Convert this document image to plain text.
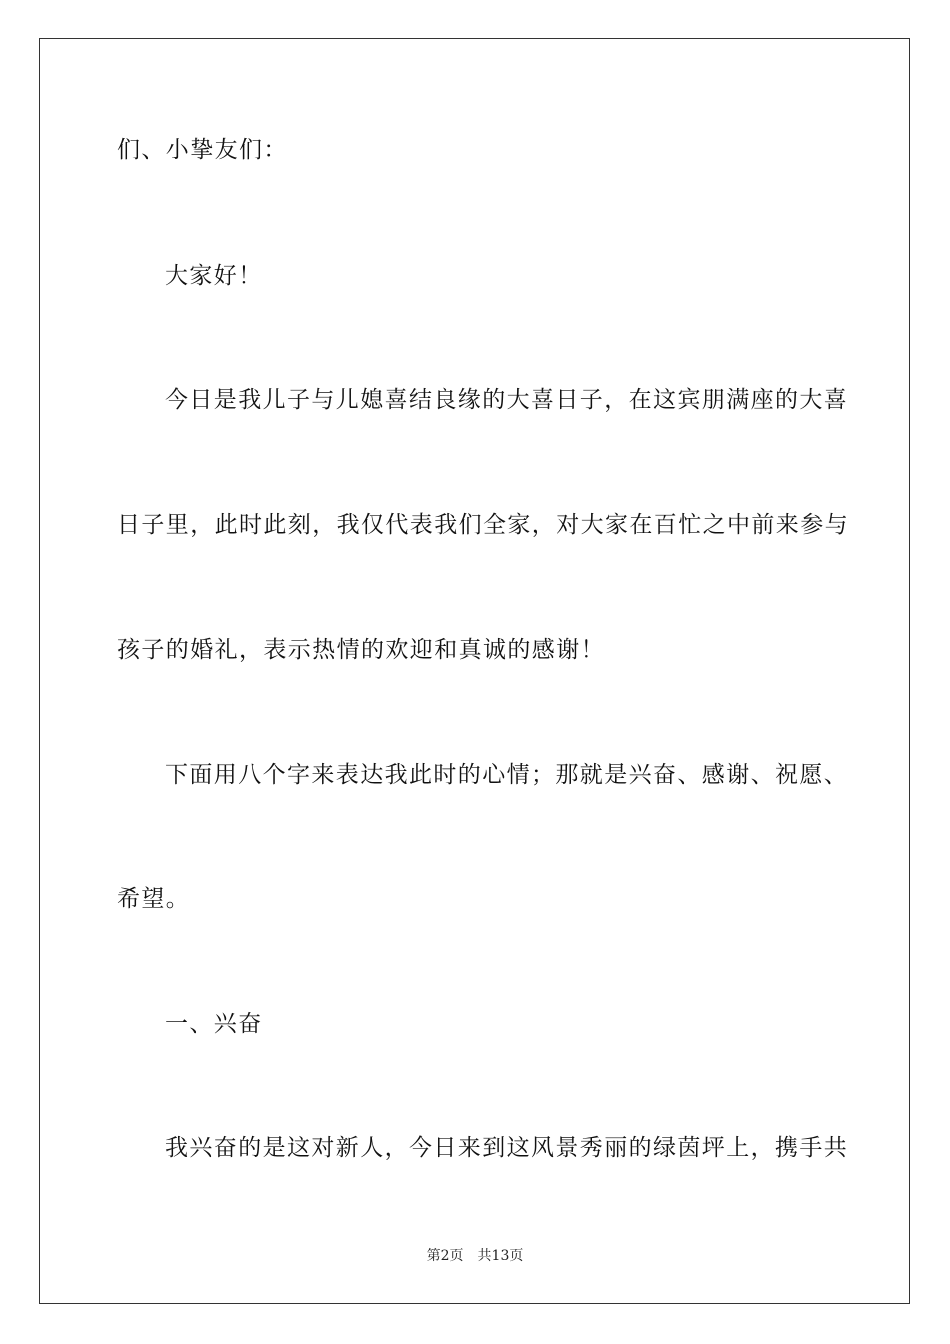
们、小挚友们：

大家好！

今日是我儿子与儿媳喜结良缘的大喜日子，在这宾朋满座的大喜

日子里，此时此刻，我仅代表我们全家，对大家在百忙之中前来参与

孩子的婚礼，表示热情的欢迎和真诚的感谢！

下面用八个字来表达我此时的心情；那就是兴奋、感谢、祝愿、

希望。

一、兴奋

我兴奋的是这对新人，今日来到这风景秀丽的绿茵坪上，携手共

第2页 共13页
